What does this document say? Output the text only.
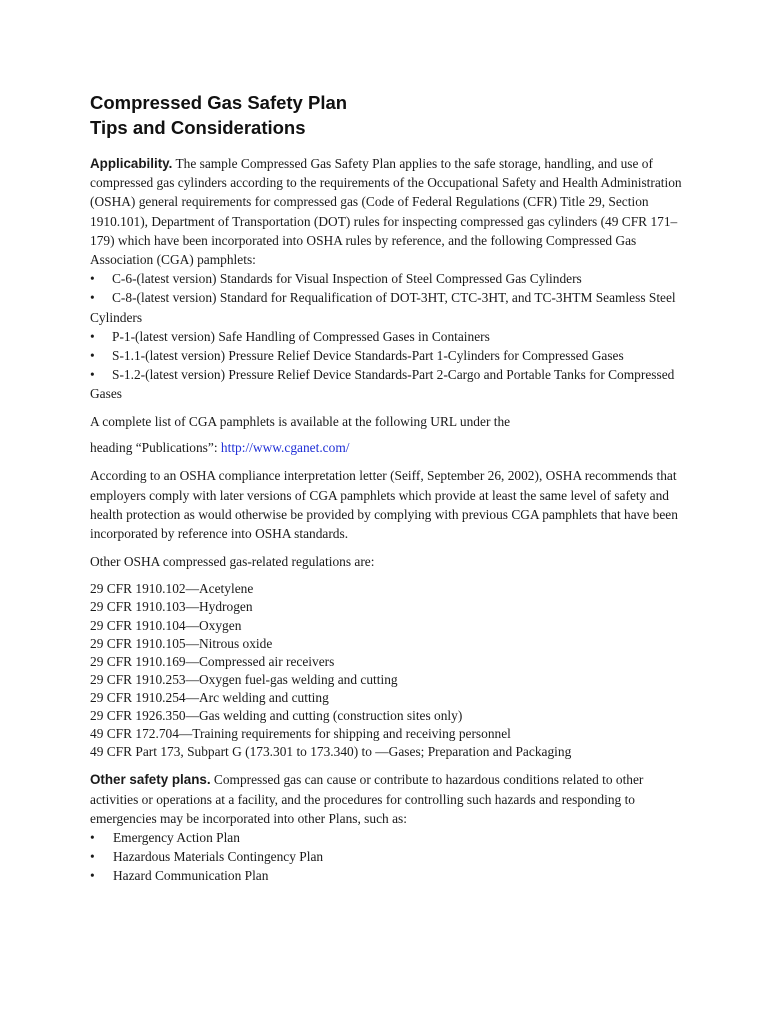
Compressed Gas Safety Plan
Tips and Considerations

Applicability. The sample Compressed Gas Safety Plan applies to the safe storage, handling, and use of compressed gas cylinders according to the requirements of the Occupational Safety and Health Administration (OSHA) general requirements for compressed gas (Code of Federal Regulations (CFR) Title 29, Section 1910.101), Department of Transportation (DOT) rules for inspecting compressed gas cylinders (49 CFR 171–179) which have been incorporated into OSHA rules by reference, and the following Compressed Gas Association (CGA) pamphlets:

• C-6-(latest version) Standards for Visual Inspection of Steel Compressed Gas Cylinders
• C-8-(latest version) Standard for Requalification of DOT-3HT, CTC-3HT, and TC-3HTM Seamless Steel Cylinders
• P-1-(latest version) Safe Handling of Compressed Gases in Containers
• S-1.1-(latest version) Pressure Relief Device Standards-Part 1-Cylinders for Compressed Gases
• S-1.2-(latest version) Pressure Relief Device Standards-Part 2-Cargo and Portable Tanks for Compressed Gases

A complete list of CGA pamphlets is available at the following URL under the

heading “Publications”: http://www.cganet.com/

According to an OSHA compliance interpretation letter (Seiff, September 26, 2002), OSHA recommends that employers comply with later versions of CGA pamphlets which provide at least the same level of safety and health protection as would otherwise be provided by complying with previous CGA pamphlets that have been incorporated by reference into OSHA standards.

Other OSHA compressed gas-related regulations are:

29 CFR 1910.102—Acetylene
29 CFR 1910.103—Hydrogen
29 CFR 1910.104—Oxygen
29 CFR 1910.105—Nitrous oxide
29 CFR 1910.169—Compressed air receivers
29 CFR 1910.253—Oxygen fuel-gas welding and cutting
29 CFR 1910.254—Arc welding and cutting
29 CFR 1926.350—Gas welding and cutting (construction sites only)
49 CFR 172.704—Training requirements for shipping and receiving personnel
49 CFR Part 173, Subpart G (173.301 to 173.340) to —Gases; Preparation and Packaging

Other safety plans. Compressed gas can cause or contribute to hazardous conditions related to other activities or operations at a facility, and the procedures for controlling such hazards and responding to emergencies may be incorporated into other Plans, such as:

• Emergency Action Plan
• Hazardous Materials Contingency Plan
• Hazard Communication Plan
